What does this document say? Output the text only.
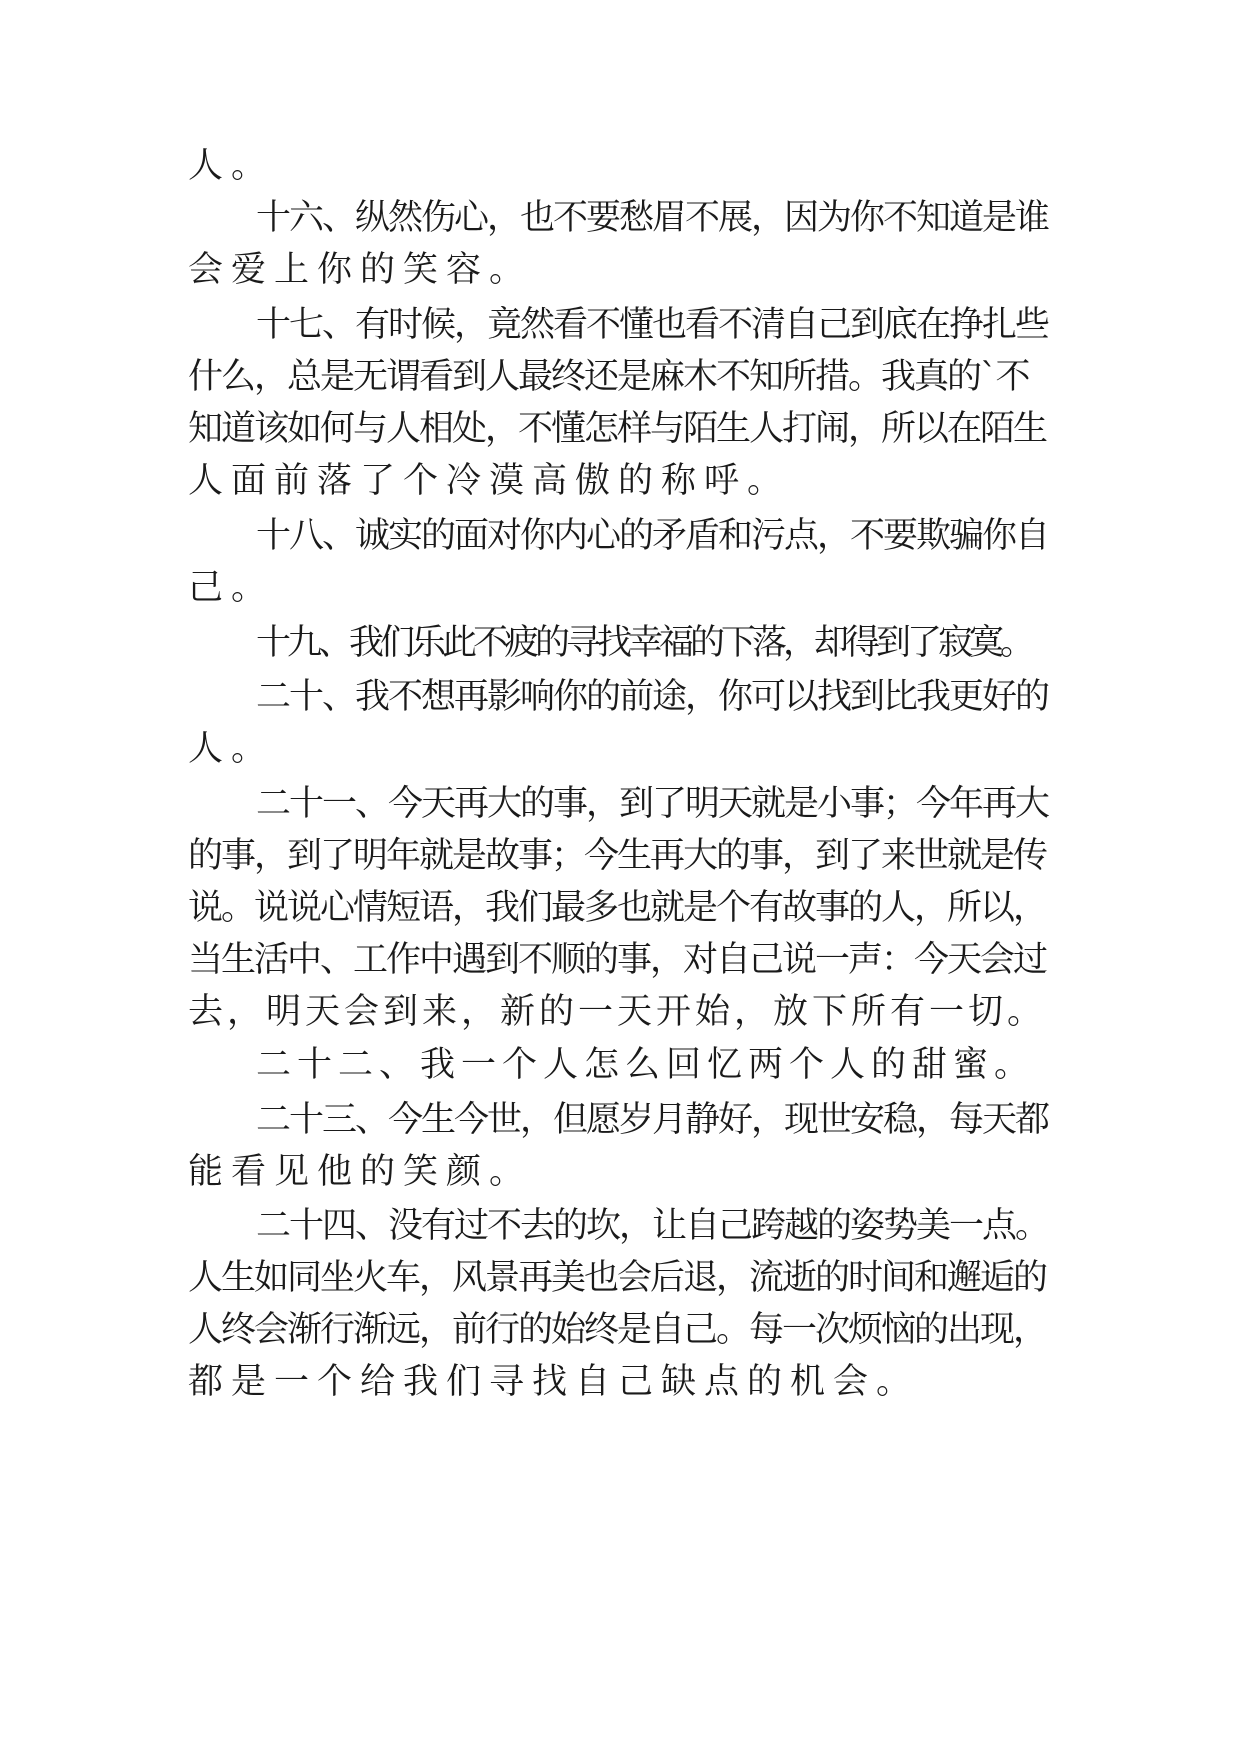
人。
十六、纵然伤心，也不要愁眉不展，因为你不知道是谁
会爱上你的笑容。
十七、有时候，竟然看不懂也看不清自己到底在挣扎些
什么，总是无谓看到人最终还是麻木不知所措。我真的`不
知道该如何与人相处，不懂怎样与陌生人打闹，所以在陌生
人面前落了个冷漠高傲的称呼。
十八、诚实的面对你内心的矛盾和污点，不要欺骗你自
己。
十九、我们乐此不疲的寻找幸福的下落，却得到了寂寞。
二十、我不想再影响你的前途，你可以找到比我更好的
人。
二十一、今天再大的事，到了明天就是小事；今年再大
的事，到了明年就是故事；今生再大的事，到了来世就是传
说。说说心情短语，我们最多也就是个有故事的人，所以，
当生活中、工作中遇到不顺的事，对自己说一声：今天会过
去，明天会到来，新的一天开始，放下所有一切。
二十二、我一个人怎么回忆两个人的甜蜜。
二十三、今生今世，但愿岁月静好，现世安稳，每天都
能看见他的笑颜。
二十四、没有过不去的坎，让自己跨越的姿势美一点。
人生如同坐火车，风景再美也会后退，流逝的时间和邂逅的
人终会渐行渐远，前行的始终是自己。每一次烦恼的出现，
都是一个给我们寻找自己缺点的机会。
